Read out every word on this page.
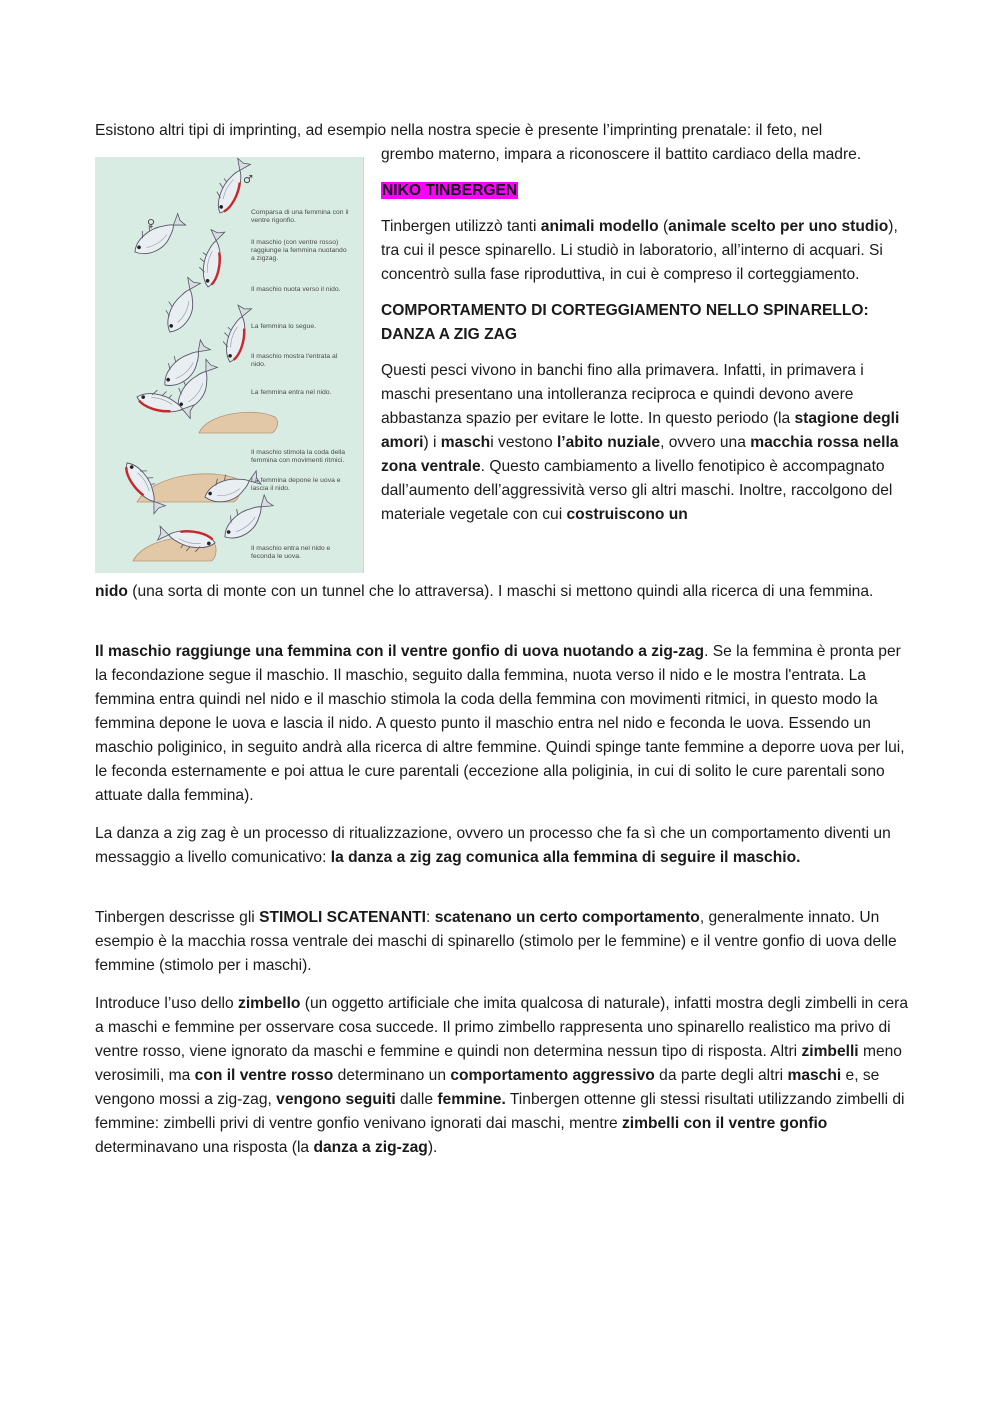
Esistono altri tipi di imprinting, ad esempio nella nostra specie è presente l’imprinting prenatale: il feto, nel

♂
♀
Comparsa di una femmina con il ventre rigonfio.
Il maschio (con ventre rosso) raggiunge la femmina nuotando a zigzag.
Il maschio nuota verso il nido.
La femmina lo segue.
Il maschio mostra l'entrata al nido.
La femmina entra nel nido.
Il maschio stimola la coda della femmina con movimenti ritmici.
La femmina depone le uova e lascia il nido.
Il maschio entra nel nido e feconda le uova.

grembo materno, impara a riconoscere il battito cardiaco della madre.

NIKO TINBERGEN

Tinbergen utilizzò tanti animali modello (animale scelto per uno studio), tra cui il pesce spinarello. Li studiò in laboratorio, all’interno di acquari. Si concentrò sulla fase riproduttiva, in cui è compreso il corteggiamento.

COMPORTAMENTO DI CORTEGGIAMENTO NELLO SPINARELLO: DANZA A ZIG ZAG

Questi pesci vivono in banchi fino alla primavera. Infatti, in primavera i maschi presentano una intolleranza reciproca e quindi devono avere abbastanza spazio per evitare le lotte. In questo periodo (la stagione degli amori) i maschi vestono l’abito nuziale, ovvero una macchia rossa nella zona ventrale. Questo cambiamento a livello fenotipico è accompagnato dall’aumento dell’aggressività verso gli altri maschi. Inoltre, raccolgono del materiale vegetale con cui costruiscono un

nido (una sorta di monte con un tunnel che lo attraversa). I maschi si mettono quindi alla ricerca di una femmina.

Il maschio raggiunge una femmina con il ventre gonfio di uova nuotando a zig-zag. Se la femmina è pronta per la fecondazione segue il maschio. Il maschio, seguito dalla femmina, nuota verso il nido e le mostra l'entrata. La femmina entra quindi nel nido e il maschio stimola la coda della femmina con movimenti ritmici, in questo modo la femmina depone le uova e lascia il nido. A questo punto il maschio entra nel nido e feconda le uova. Essendo un maschio poliginico, in seguito andrà alla ricerca di altre femmine. Quindi spinge tante femmine a deporre uova per lui, le feconda esternamente e poi attua le cure parentali (eccezione alla poliginia, in cui di solito le cure parentali sono attuate dalla femmina).

La danza a zig zag è un processo di ritualizzazione, ovvero un processo che fa sì che un comportamento diventi un messaggio a livello comunicativo: la danza a zig zag comunica alla femmina di seguire il maschio.

Tinbergen descrisse gli STIMOLI SCATENANTI: scatenano un certo comportamento, generalmente innato. Un esempio è la macchia rossa ventrale dei maschi di spinarello (stimolo per le femmine) e il ventre gonfio di uova delle femmine (stimolo per i maschi).

Introduce l’uso dello zimbello (un oggetto artificiale che imita qualcosa di naturale), infatti mostra degli zimbelli in cera a maschi e femmine per osservare cosa succede. Il primo zimbello rappresenta uno spinarello realistico ma privo di ventre rosso, viene ignorato da maschi e femmine e quindi non determina nessun tipo di risposta. Altri zimbelli meno verosimili, ma con il ventre rosso determinano un comportamento aggressivo da parte degli altri maschi e, se vengono mossi a zig-zag, vengono seguiti dalle femmine. Tinbergen ottenne gli stessi risultati utilizzando zimbelli di femmine: zimbelli privi di ventre gonfio venivano ignorati dai maschi, mentre zimbelli con il ventre gonfio determinavano una risposta (la danza a zig-zag).
